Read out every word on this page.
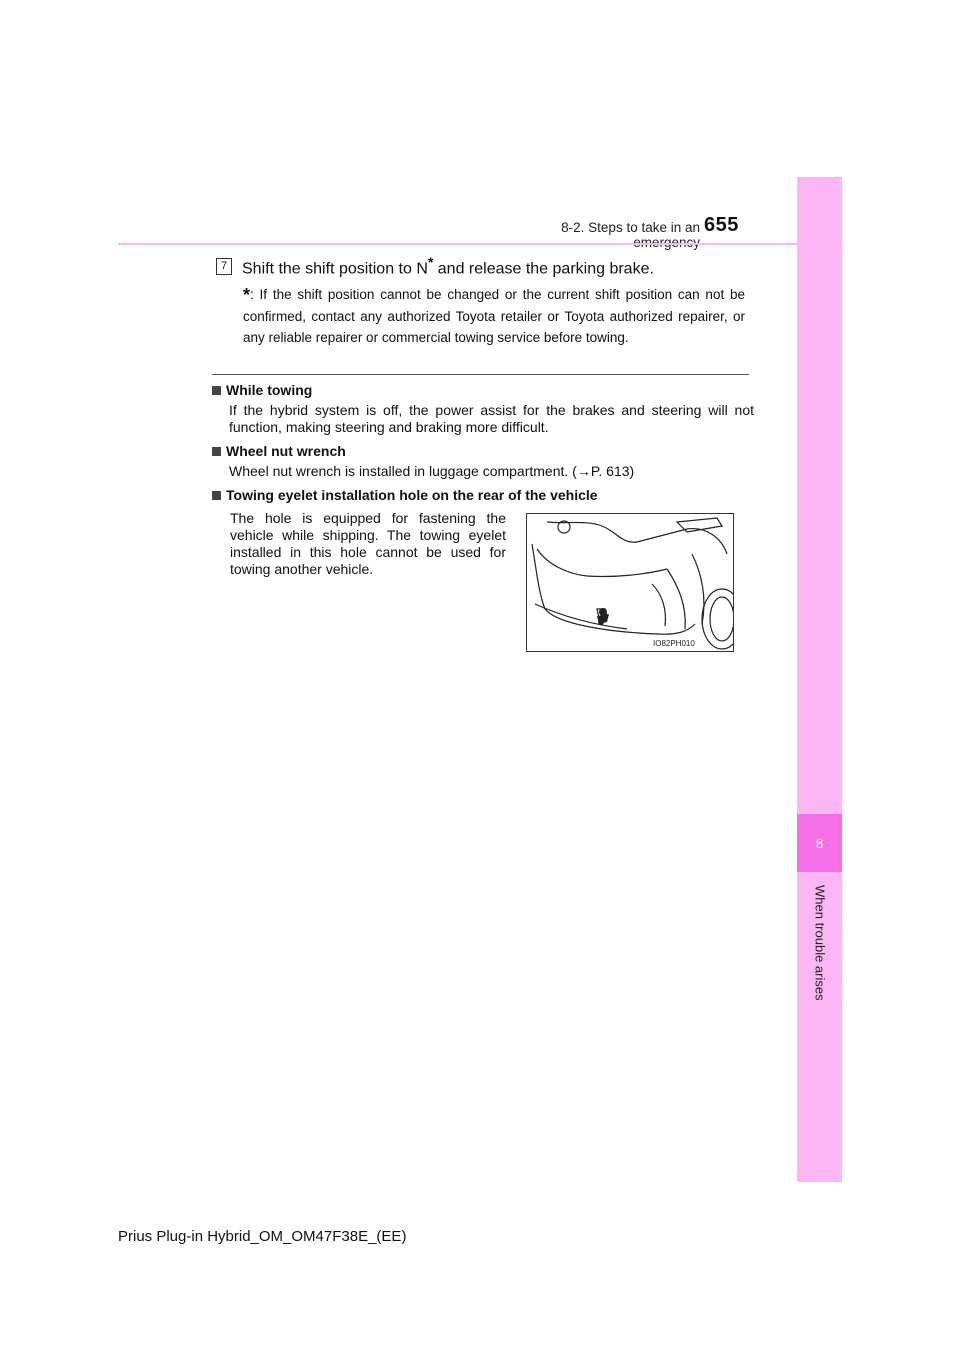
8
When trouble arises
8-2. Steps to take in an 655
7 Shift the shift position to N* and release the parking brake.
*: If the shift position cannot be changed or the current shift position can not be confirmed, contact any authorized Toyota retailer or Toyota authorized repairer, or any reliable repairer or commercial towing service before towing.
While towing
If the hybrid system is off, the power assist for the brakes and steering will not function, making steering and braking more difficult.
Wheel nut wrench
Wheel nut wrench is installed in luggage compartment. (→P. 613)
Towing eyelet installation hole on the rear of the vehicle
The hole is equipped for fastening the vehicle while shipping. The towing eyelet installed in this hole cannot be used for towing another vehicle.
IO82PH010
Prius Plug-in Hybrid_OM_OM47F38E_(EE)
